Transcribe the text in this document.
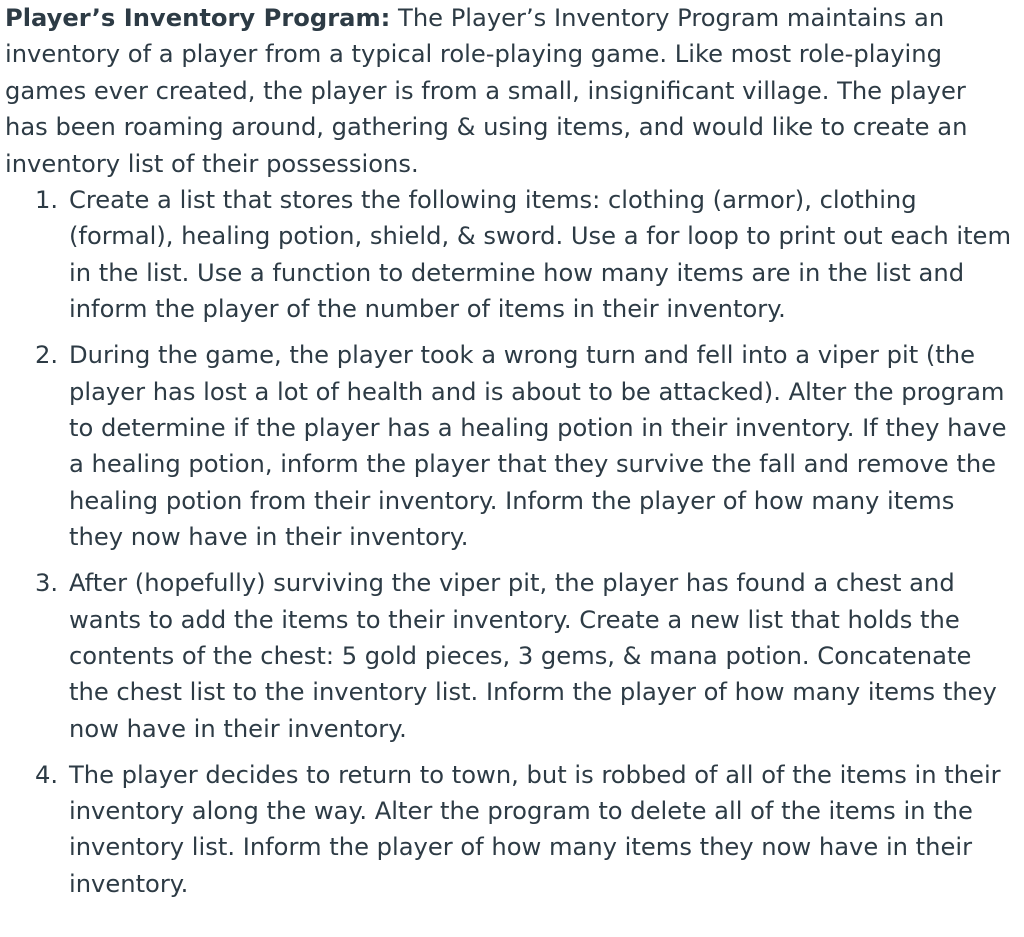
Player’s Inventory Program: The Player’s Inventory Program maintains an inventory of a player from a typical role-playing game. Like most role-playing games ever created, the player is from a small, insignificant village. The player has been roaming around, gathering & using items, and would like to create an inventory list of their possessions.

1. Create a list that stores the following items: clothing (armor), clothing (formal), healing potion, shield, & sword. Use a for loop to print out each item in the list. Use a function to determine how many items are in the list and inform the player of the number of items in their inventory.
2. During the game, the player took a wrong turn and fell into a viper pit (the player has lost a lot of health and is about to be attacked). Alter the program to determine if the player has a healing potion in their inventory. If they have a healing potion, inform the player that they survive the fall and remove the healing potion from their inventory. Inform the player of how many items they now have in their inventory.
3. After (hopefully) surviving the viper pit, the player has found a chest and wants to add the items to their inventory. Create a new list that holds the contents of the chest: 5 gold pieces, 3 gems, & mana potion. Concatenate the chest list to the inventory list. Inform the player of how many items they now have in their inventory.
4. The player decides to return to town, but is robbed of all of the items in their inventory along the way. Alter the program to delete all of the items in the inventory list. Inform the player of how many items they now have in their inventory.
